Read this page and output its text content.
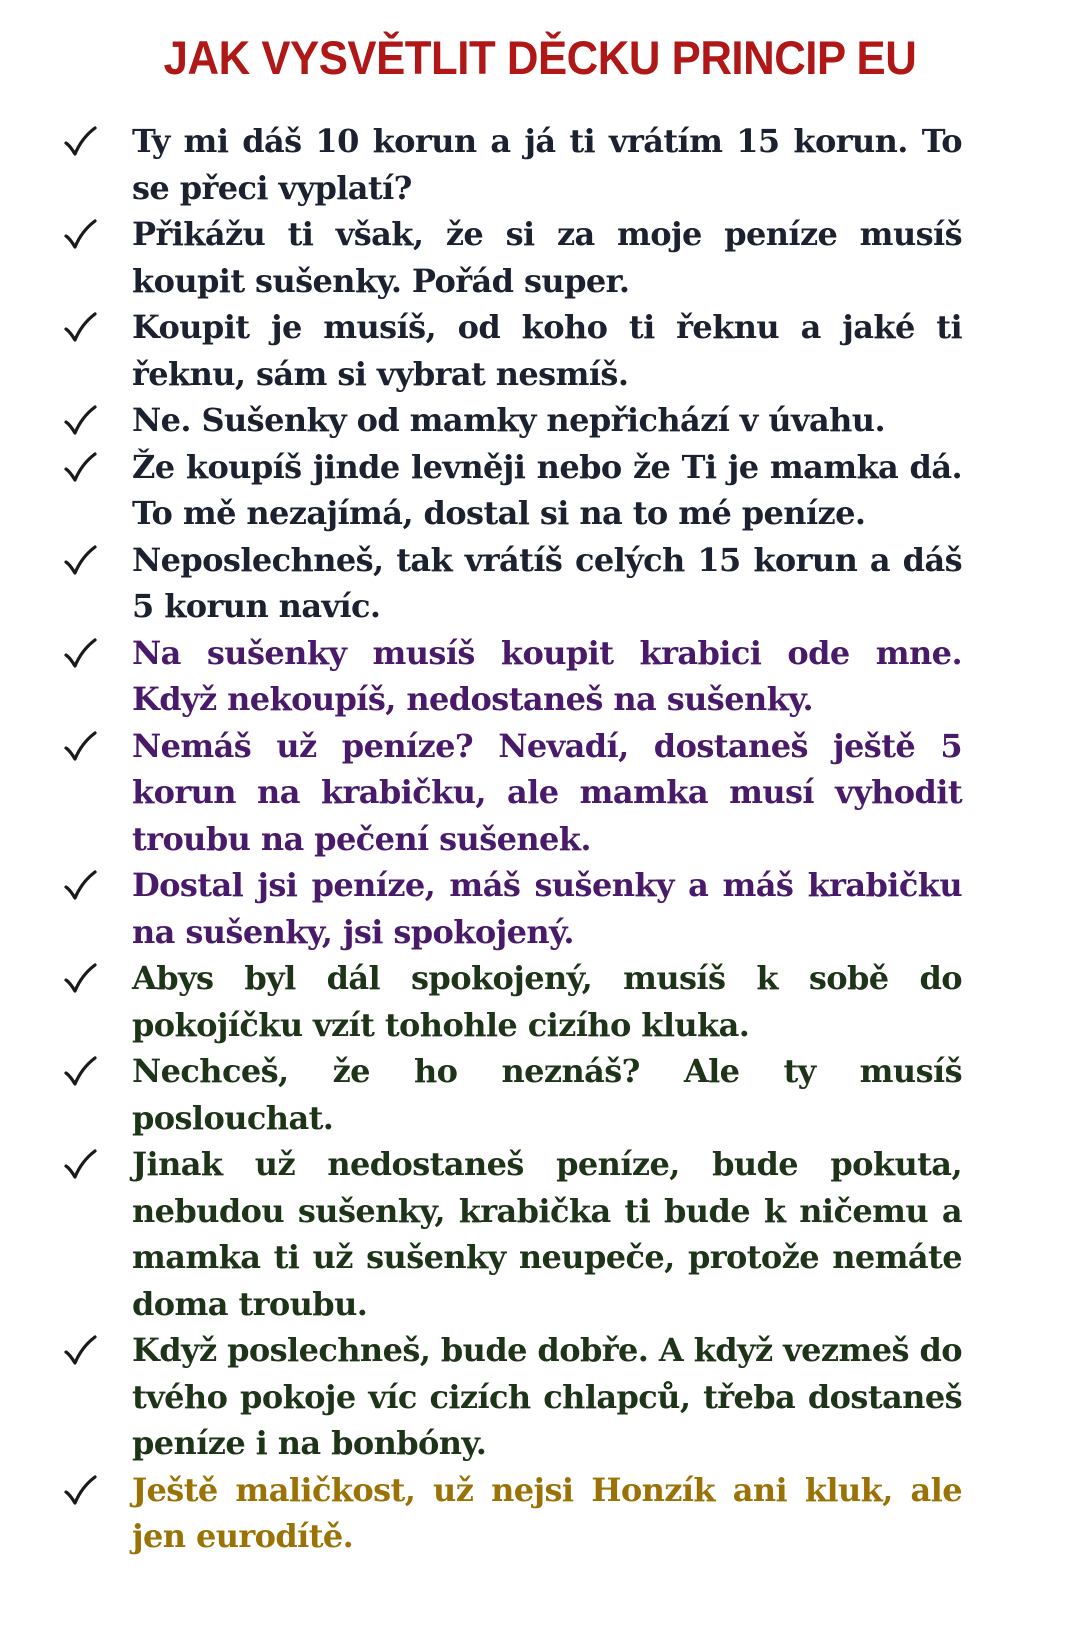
JAK VYSVĚTLIT DĚCKU PRINCIP EU

Ty mi dáš 10 korun a já ti vrátím 15 korun. To se přeci vyplatí?

Přikážu ti však, že si za moje peníze musíš koupit sušenky. Pořád super.

Koupit je musíš, od koho ti řeknu a jaké ti řeknu, sám si vybrat nesmíš.

Ne. Sušenky od mamky nepřichází v úvahu.

Že koupíš jinde levněji nebo že Ti je mamka dá. To mě nezajímá, dostal si na to mé peníze.

Neposlechneš, tak vrátíš celých 15 korun a dáš 5 korun navíc.

Na sušenky musíš koupit krabici ode mne. Když nekoupíš, nedostaneš na sušenky.

Nemáš už peníze? Nevadí, dostaneš ještě 5 korun na krabičku, ale mamka musí vyhodit troubu na pečení sušenek.

Dostal jsi peníze, máš sušenky a máš krabičku na sušenky, jsi spokojený.

Abys byl dál spokojený, musíš k sobě do pokojíčku vzít tohohle cizího kluka.

Nechceš, že ho neznáš? Ale ty musíš poslouchat.

Jinak už nedostaneš peníze, bude pokuta, nebudou sušenky, krabička ti bude k ničemu a mamka ti už sušenky neupeče, protože nemáte doma troubu.

Když poslechneš, bude dobře. A když vezmeš do tvého pokoje víc cizích chlapců, třeba dostaneš peníze i na bonbóny.

Ještě maličkost, už nejsi Honzík ani kluk, ale jen eurodítě.
